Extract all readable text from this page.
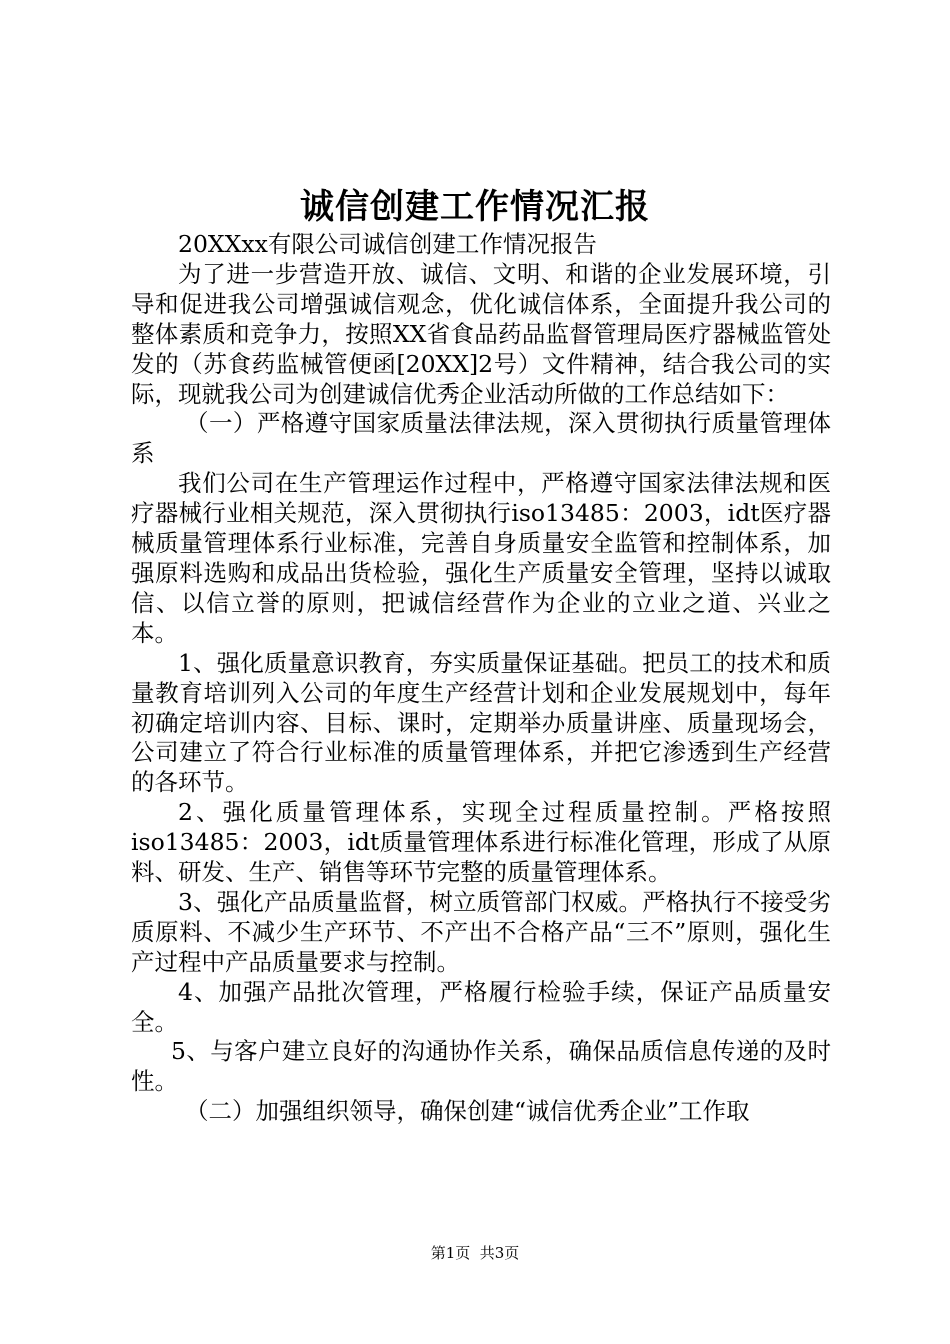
诚信创建工作情况汇报

20XXxx有限公司诚信创建工作情况报告

为了进一步营造开放、诚信、文明、和谐的企业发展环境，引导和促进我公司增强诚信观念，优化诚信体系，全面提升我公司的整体素质和竞争力，按照XX省食品药品监督管理局医疗器械监管处发的（苏食药监械管便函[20XX]2号）文件精神，结合我公司的实际，现就我公司为创建诚信优秀企业活动所做的工作总结如下：

（一）严格遵守国家质量法律法规，深入贯彻执行质量管理体系

我们公司在生产管理运作过程中，严格遵守国家法律法规和医疗器械行业相关规范，深入贯彻执行iso13485：2003，idt医疗器械质量管理体系行业标准，完善自身质量安全监管和控制体系，加强原料选购和成品出货检验，强化生产质量安全管理，坚持以诚取信、以信立誉的原则，把诚信经营作为企业的立业之道、兴业之本。

1、强化质量意识教育，夯实质量保证基础。把员工的技术和质量教育培训列入公司的年度生产经营计划和企业发展规划中，每年初确定培训内容、目标、课时，定期举办质量讲座、质量现场会，公司建立了符合行业标准的质量管理体系，并把它渗透到生产经营的各环节。

2、强化质量管理体系，实现全过程质量控制。严格按照iso13485：2003，idt质量管理体系进行标准化管理，形成了从原料、研发、生产、销售等环节完整的质量管理体系。

3、强化产品质量监督，树立质管部门权威。严格执行不接受劣质原料、不减少生产环节、不产出不合格产品“三不”原则，强化生产过程中产品质量要求与控制。

4、加强产品批次管理，严格履行检验手续，保证产品质量安全。

5、与客户建立良好的沟通协作关系，确保品质信息传递的及时性。

（二）加强组织领导，确保创建“诚信优秀企业”工作取

第1页  共3页
